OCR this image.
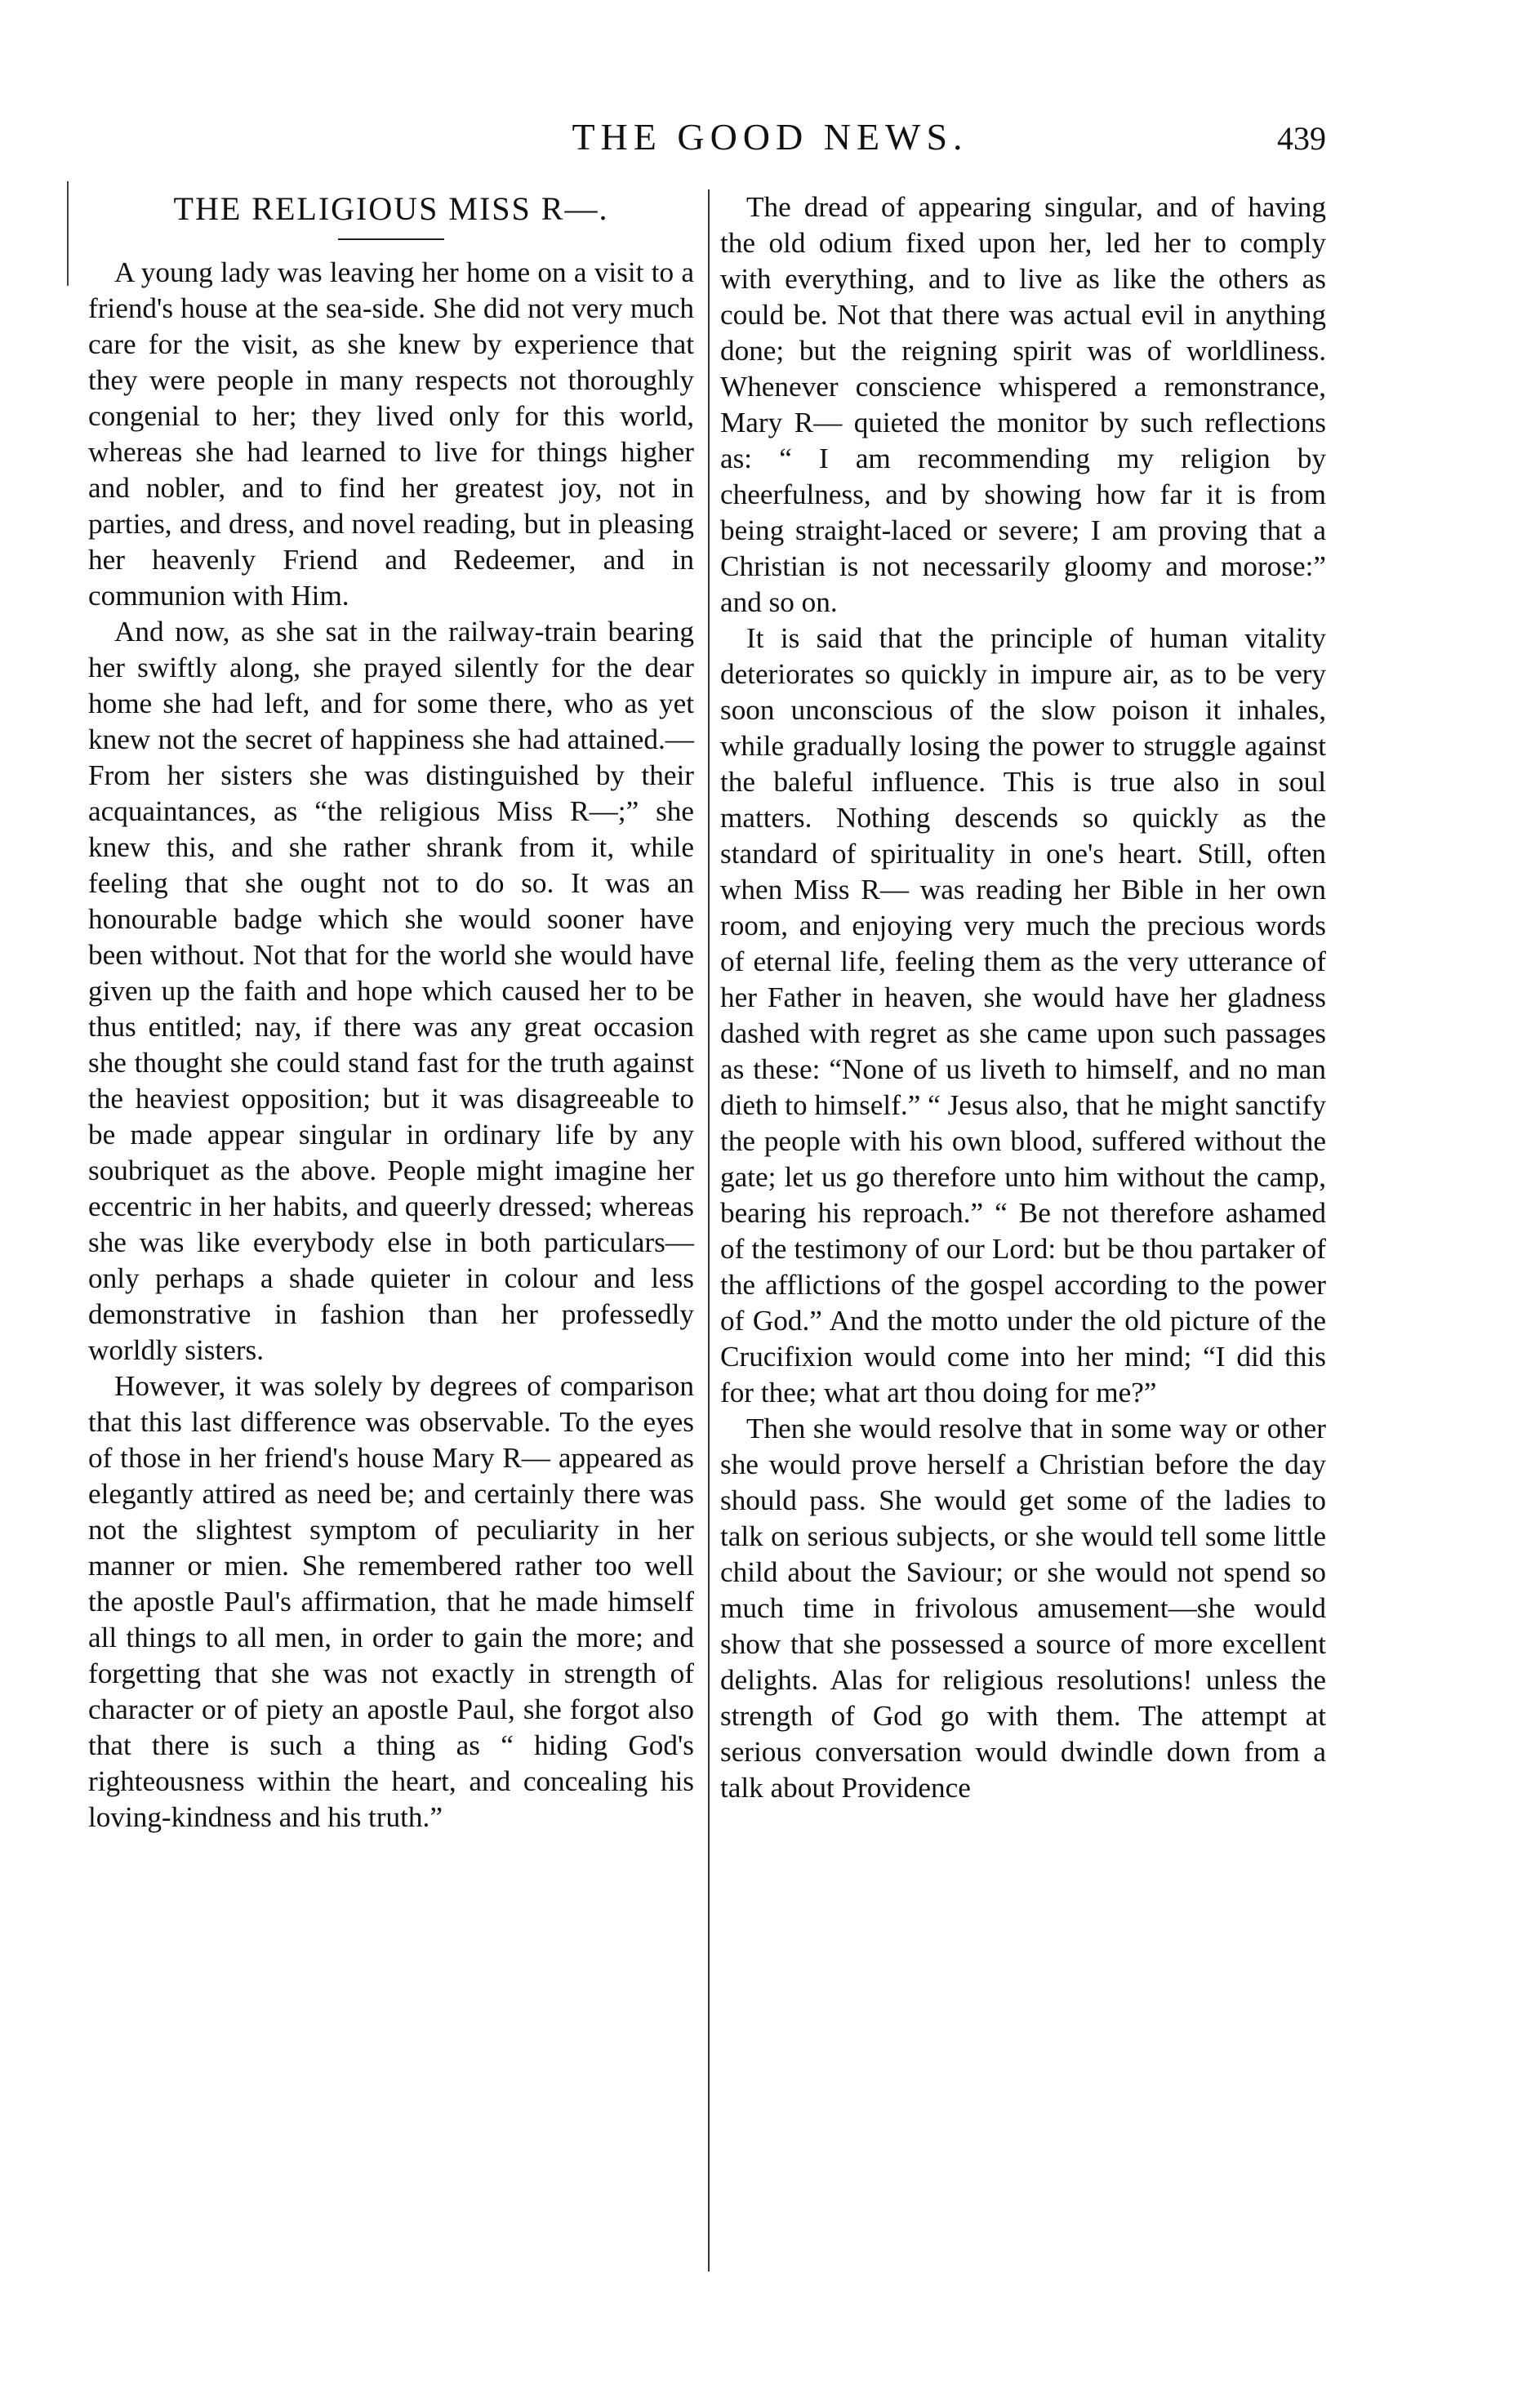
THE GOOD NEWS.	439
THE RELIGIOUS MISS R—.

A young lady was leaving her home on a visit to a friend's house at the sea-side. She did not very much care for the visit, as she knew by experience that they were people in many respects not thoroughly congenial to her; they lived only for this world, whereas she had learned to live for things higher and nobler, and to find her greatest joy, not in parties, and dress, and novel reading, but in pleasing her heavenly Friend and Redeemer, and in communion with Him.

And now, as she sat in the railway-train bearing her swiftly along, she prayed silently for the dear home she had left, and for some there, who as yet knew not the secret of happiness she had attained.—From her sisters she was distinguished by their acquaintances, as “the religious Miss R—;” she knew this, and she rather shrank from it, while feeling that she ought not to do so. It was an honourable badge which she would sooner have been without. Not that for the world she would have given up the faith and hope which caused her to be thus entitled; nay, if there was any great occasion she thought she could stand fast for the truth against the heaviest opposition; but it was disagreeable to be made appear singular in ordinary life by any soubriquet as the above. People might imagine her eccentric in her habits, and queerly dressed; whereas she was like everybody else in both particulars—only perhaps a shade quieter in colour and less demonstrative in fashion than her professedly worldly sisters.

However, it was solely by degrees of comparison that this last difference was observable. To the eyes of those in her friend's house Mary R— appeared as elegantly attired as need be; and certainly there was not the slightest symptom of peculiarity in her manner or mien. She remembered rather too well the apostle Paul's affirmation, that he made himself all things to all men, in order to gain the more; and forgetting that she was not exactly in strength of character or of piety an apostle Paul, she forgot also that there is such a thing as “ hiding God's righteousness within the heart, and concealing his loving-kindness and his truth.”

The dread of appearing singular, and of having the old odium fixed upon her, led her to comply with everything, and to live as like the others as could be. Not that there was actual evil in anything done; but the reigning spirit was of worldliness. Whenever conscience whispered a remonstrance, Mary R— quieted the monitor by such reflections as: “ I am recommending my religion by cheerfulness, and by showing how far it is from being straight-laced or severe; I am proving that a Christian is not necessarily gloomy and morose:” and so on.

It is said that the principle of human vitality deteriorates so quickly in impure air, as to be very soon unconscious of the slow poison it inhales, while gradually losing the power to struggle against the baleful influence. This is true also in soul matters. Nothing descends so quickly as the standard of spirituality in one's heart. Still, often when Miss R— was reading her Bible in her own room, and enjoying very much the precious words of eternal life, feeling them as the very utterance of her Father in heaven, she would have her gladness dashed with regret as she came upon such passages as these: “None of us liveth to himself, and no man dieth to himself.” “ Jesus also, that he might sanctify the people with his own blood, suffered without the gate; let us go therefore unto him without the camp, bearing his reproach.” “ Be not therefore ashamed of the testimony of our Lord: but be thou partaker of the afflictions of the gospel according to the power of God.” And the motto under the old picture of the Crucifixion would come into her mind; “I did this for thee; what art thou doing for me?”

Then she would resolve that in some way or other she would prove herself a Christian before the day should pass. She would get some of the ladies to talk on serious subjects, or she would tell some little child about the Saviour; or she would not spend so much time in frivolous amusement—she would show that she possessed a source of more excellent delights. Alas for religious resolutions! unless the strength of God go with them. The attempt at serious conversation would dwindle down from a talk about Providence
